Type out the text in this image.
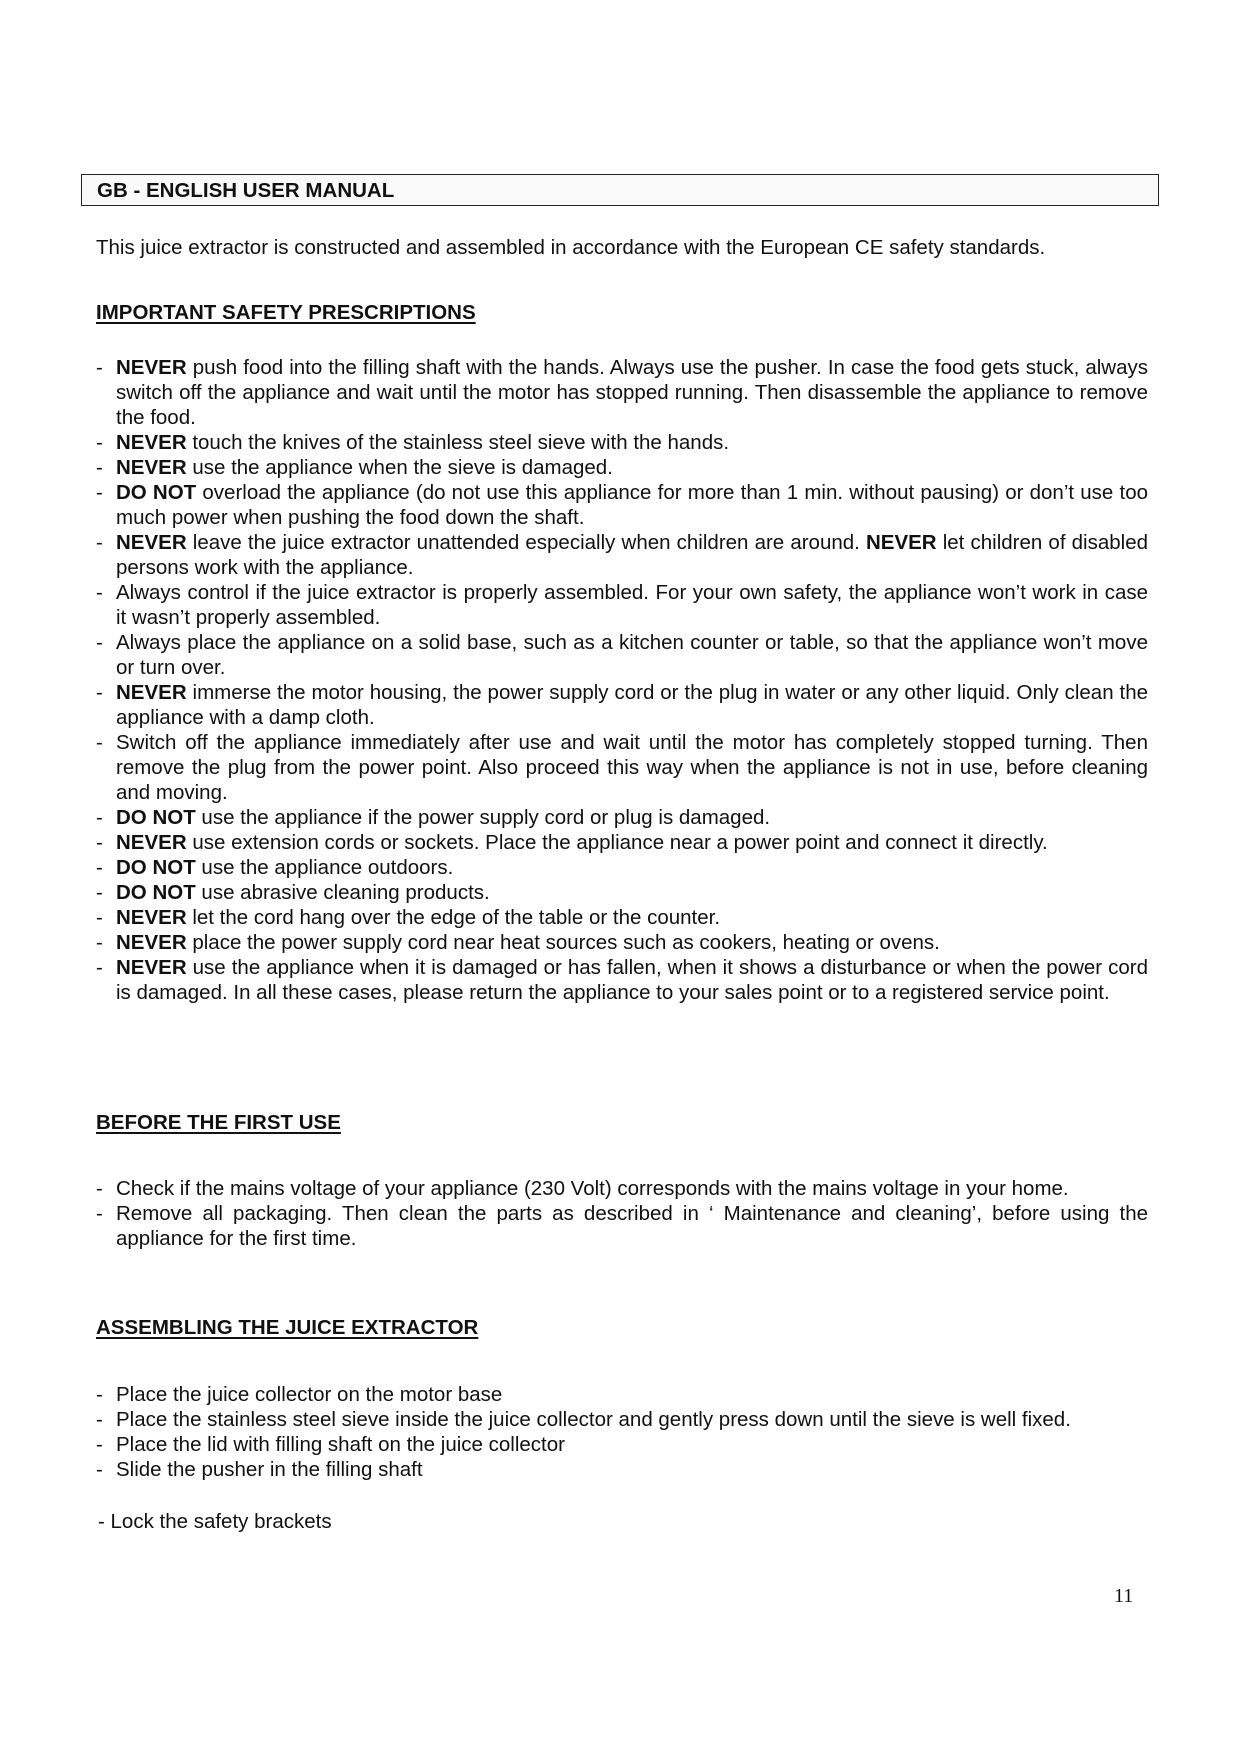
GB - ENGLISH USER MANUAL
This juice extractor is constructed and assembled in accordance with the European CE safety standards.
IMPORTANT SAFETY PRESCRIPTIONS
- NEVER push food into the filling shaft with the hands. Always use the pusher. In case the food gets stuck, always switch off the appliance and wait until the motor has stopped running. Then disassemble the appliance to remove the food.
- NEVER touch the knives of the stainless steel sieve with the hands.
- NEVER use the appliance when the sieve is damaged.
- DO NOT overload the appliance (do not use this appliance for more than 1 min. without pausing) or don’t use too much power when pushing the food down the shaft.
- NEVER leave the juice extractor unattended especially when children are around. NEVER let children of disabled persons work with the appliance.
- Always control if the juice extractor is properly assembled. For your own safety, the appliance won’t work in case it wasn’t properly assembled.
- Always place the appliance on a solid base, such as a kitchen counter or table, so that the appliance won’t move or turn over.
- NEVER immerse the motor housing, the power supply cord or the plug in water or any other liquid. Only clean the appliance with a damp cloth.
- Switch off the appliance immediately after use and wait until the motor has completely stopped turning. Then remove the plug from the power point. Also proceed this way when the appliance is not in use, before cleaning and moving.
- DO NOT use the appliance if the power supply cord or plug is damaged.
- NEVER use extension cords or sockets. Place the appliance near a power point and connect it directly.
- DO NOT use the appliance outdoors.
- DO NOT use abrasive cleaning products.
- NEVER let the cord hang over the edge of the table or the counter.
- NEVER place the power supply cord near heat sources such as cookers, heating or ovens.
- NEVER use the appliance when it is damaged or has fallen, when it shows a disturbance or when the power cord is damaged. In all these cases, please return the appliance to your sales point or to a registered service point.
BEFORE THE FIRST USE
- Check if the mains voltage of your appliance (230 Volt) corresponds with the mains voltage in your home.
- Remove all packaging. Then clean the parts as described in ‘ Maintenance and cleaning’, before using the appliance for the first time.
ASSEMBLING THE JUICE EXTRACTOR
- Place the juice collector on the motor base
- Place the stainless steel sieve inside the juice collector and gently press down until the sieve is well fixed.
- Place the lid with filling shaft on the juice collector
- Slide the pusher in the filling shaft
- Lock the safety brackets
11
